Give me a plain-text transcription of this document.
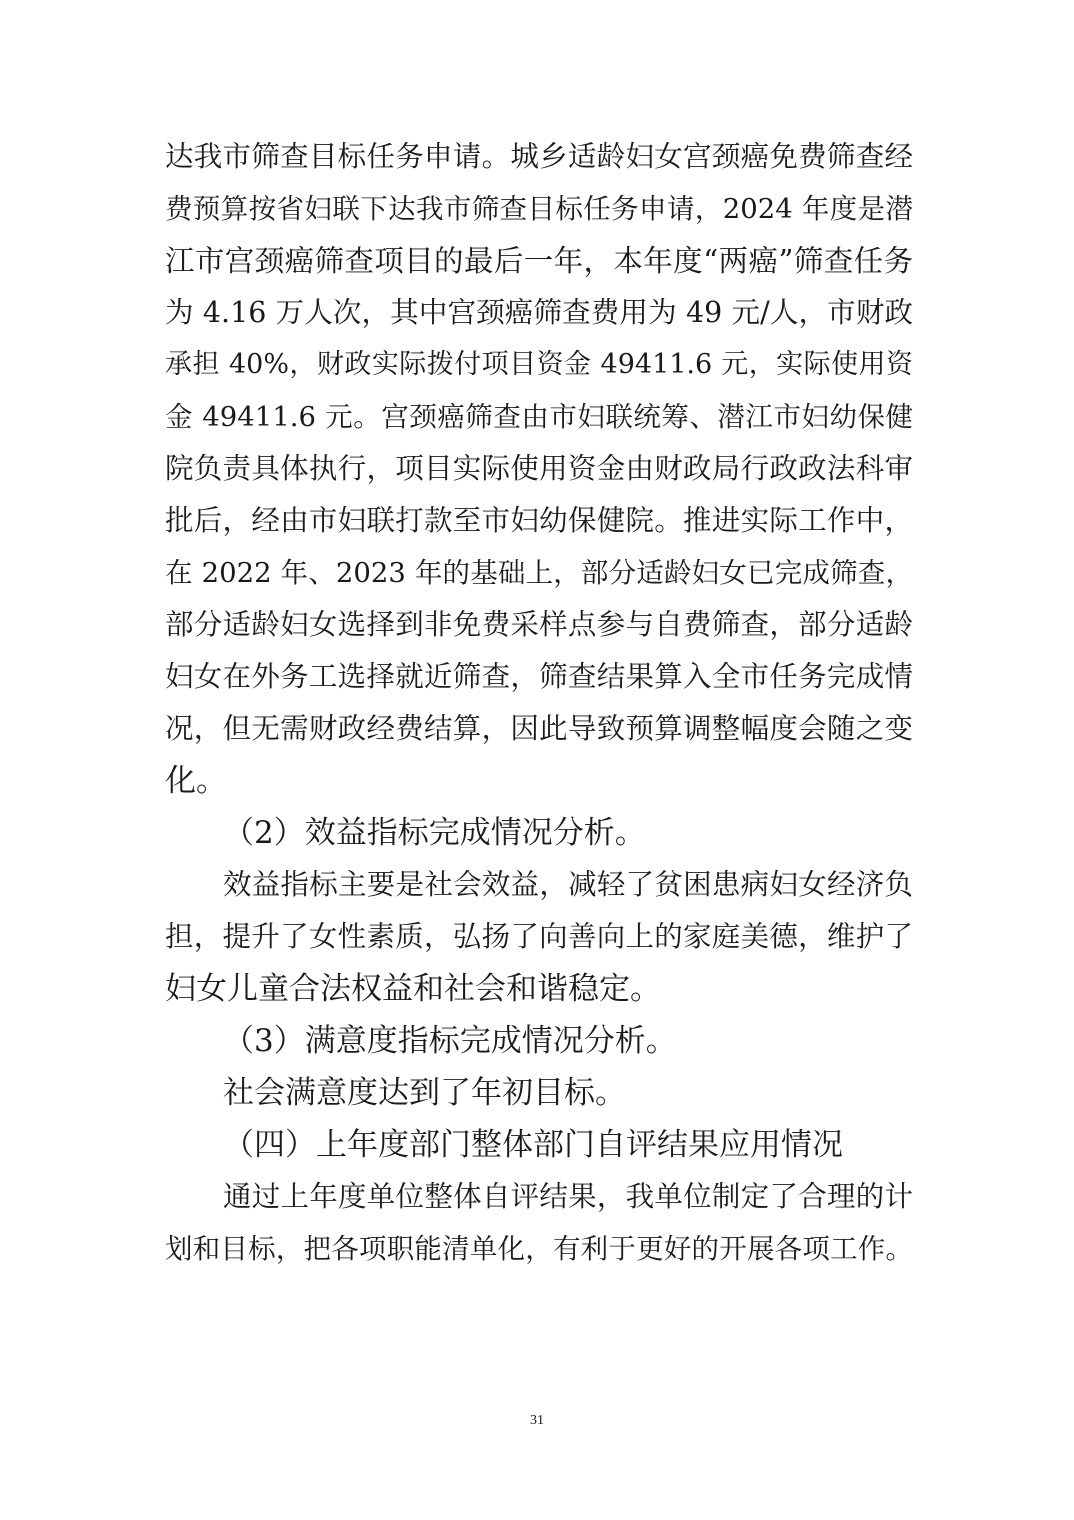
达我市筛查目标任务申请。城乡适龄妇女宫颈癌免费筛查经
费预算按省妇联下达我市筛查目标任务申请，2024 年度是潜
江市宫颈癌筛查项目的最后一年，本年度“两癌”筛查任务
为 4.16 万人次，其中宫颈癌筛查费用为 49 元/人，市财政
承担 40%，财政实际拨付项目资金 49411.6 元，实际使用资
金 49411.6 元。宫颈癌筛查由市妇联统筹、潜江市妇幼保健
院负责具体执行，项目实际使用资金由财政局行政政法科审
批后，经由市妇联打款至市妇幼保健院。推进实际工作中，
在 2022 年、2023 年的基础上，部分适龄妇女已完成筛查，
部分适龄妇女选择到非免费采样点参与自费筛查，部分适龄
妇女在外务工选择就近筛查，筛查结果算入全市任务完成情
况，但无需财政经费结算，因此导致预算调整幅度会随之变
化。
（2）效益指标完成情况分析。
效益指标主要是社会效益，减轻了贫困患病妇女经济负
担，提升了女性素质，弘扬了向善向上的家庭美德，维护了
妇女儿童合法权益和社会和谐稳定。
（3）满意度指标完成情况分析。
社会满意度达到了年初目标。
（四）上年度部门整体部门自评结果应用情况
通过上年度单位整体自评结果，我单位制定了合理的计
划和目标，把各项职能清单化，有利于更好的开展各项工作。
31
